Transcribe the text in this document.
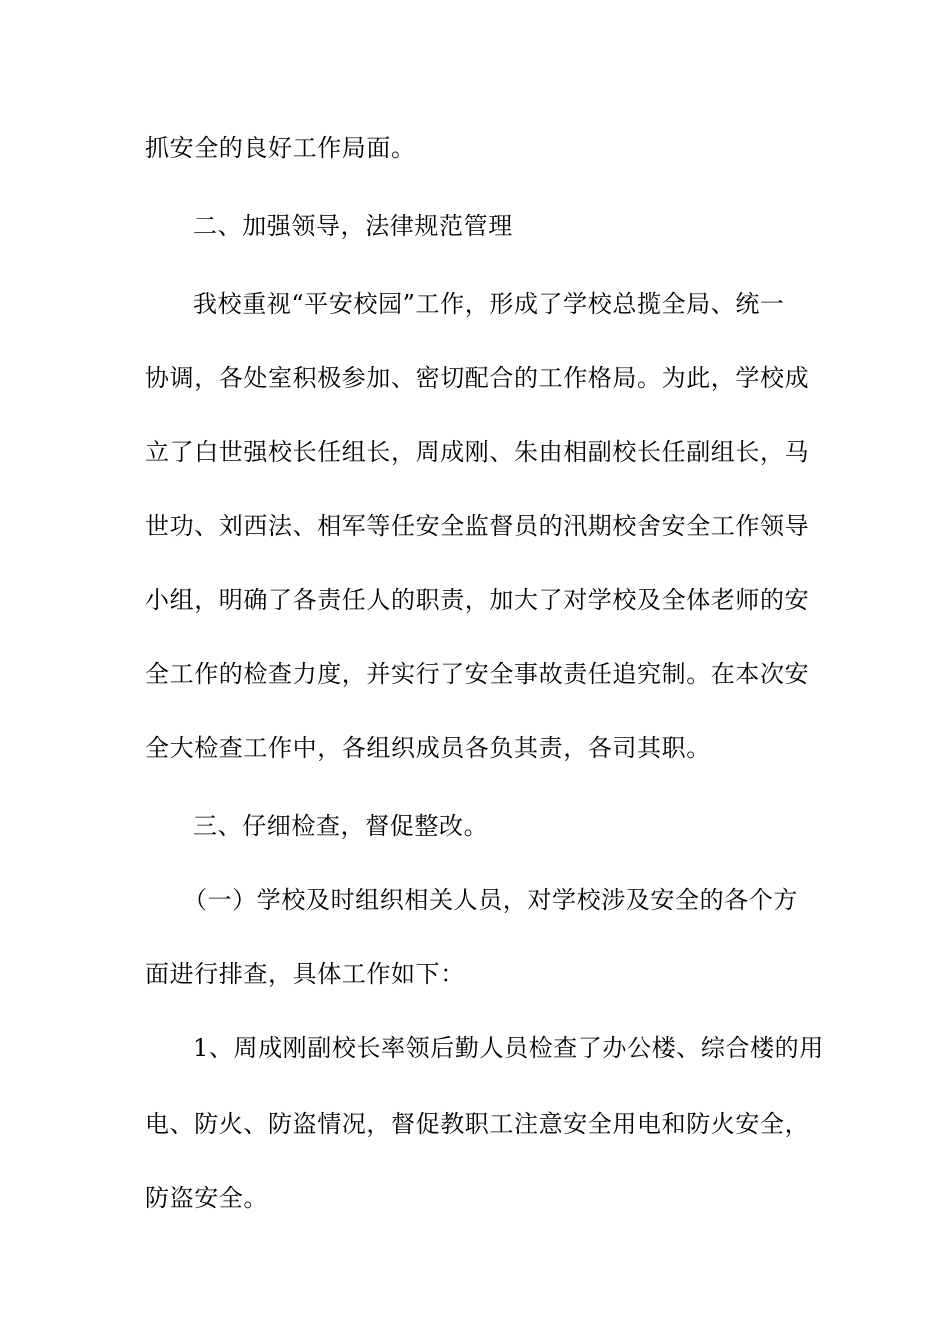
抓安全的良好工作局面。
二、加强领导，法律规范管理
我校重视“平安校园”工作，形成了学校总揽全局、统一
协调，各处室积极参加、密切配合的工作格局。为此，学校成
立了白世强校长任组长，周成刚、朱由相副校长任副组长，马
世功、刘西法、相军等任安全监督员的汛期校舍安全工作领导
小组，明确了各责任人的职责，加大了对学校及全体老师的安
全工作的检查力度，并实行了安全事故责任追究制。在本次安
全大检查工作中，各组织成员各负其责，各司其职。
三、仔细检查，督促整改。
（一）学校及时组织相关人员，对学校涉及安全的各个方
面进行排查，具体工作如下：
1、周成刚副校长率领后勤人员检查了办公楼、综合楼的用
电、防火、防盗情况，督促教职工注意安全用电和防火安全，
防盗安全。
